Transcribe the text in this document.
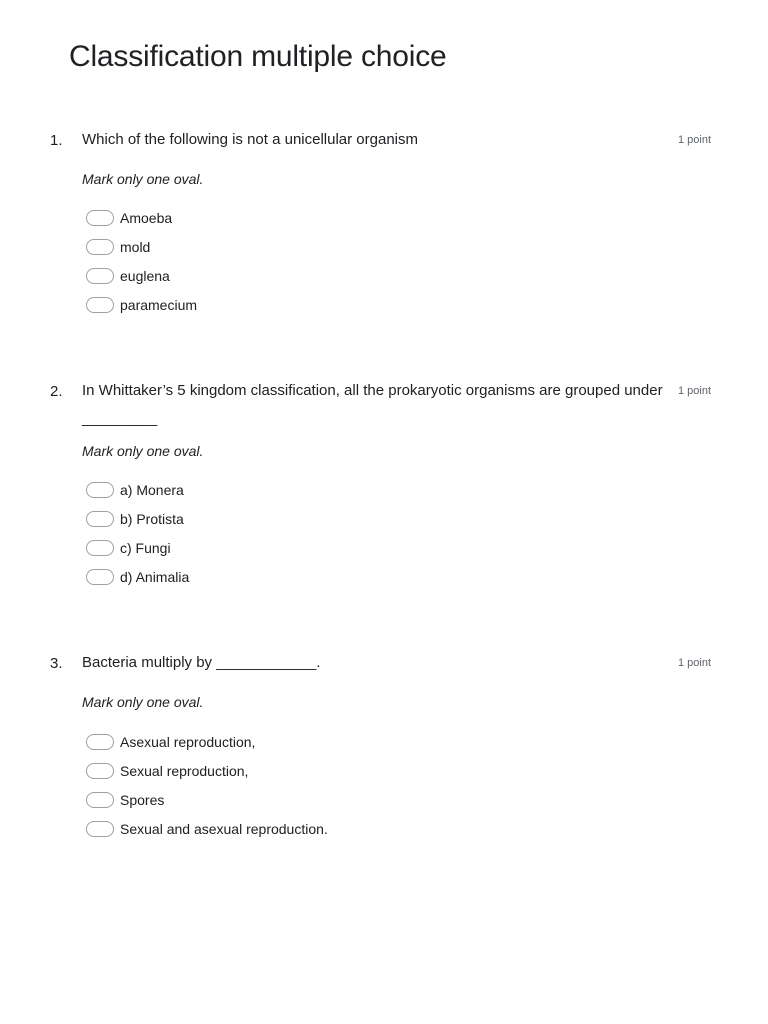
Classification multiple choice
1. Which of the following is not a unicellular organism	1 point
Mark only one oval.
Amoeba
mold
euglena
paramecium
2. In Whittaker’s 5 kingdom classification, all the prokaryotic organisms are grouped under _________
1 point
Mark only one oval.
a) Monera
b) Protista
c) Fungi
d) Animalia
3. Bacteria multiply by ____________.	1 point
Mark only one oval.
Asexual reproduction,
Sexual reproduction,
Spores
Sexual and asexual reproduction.
